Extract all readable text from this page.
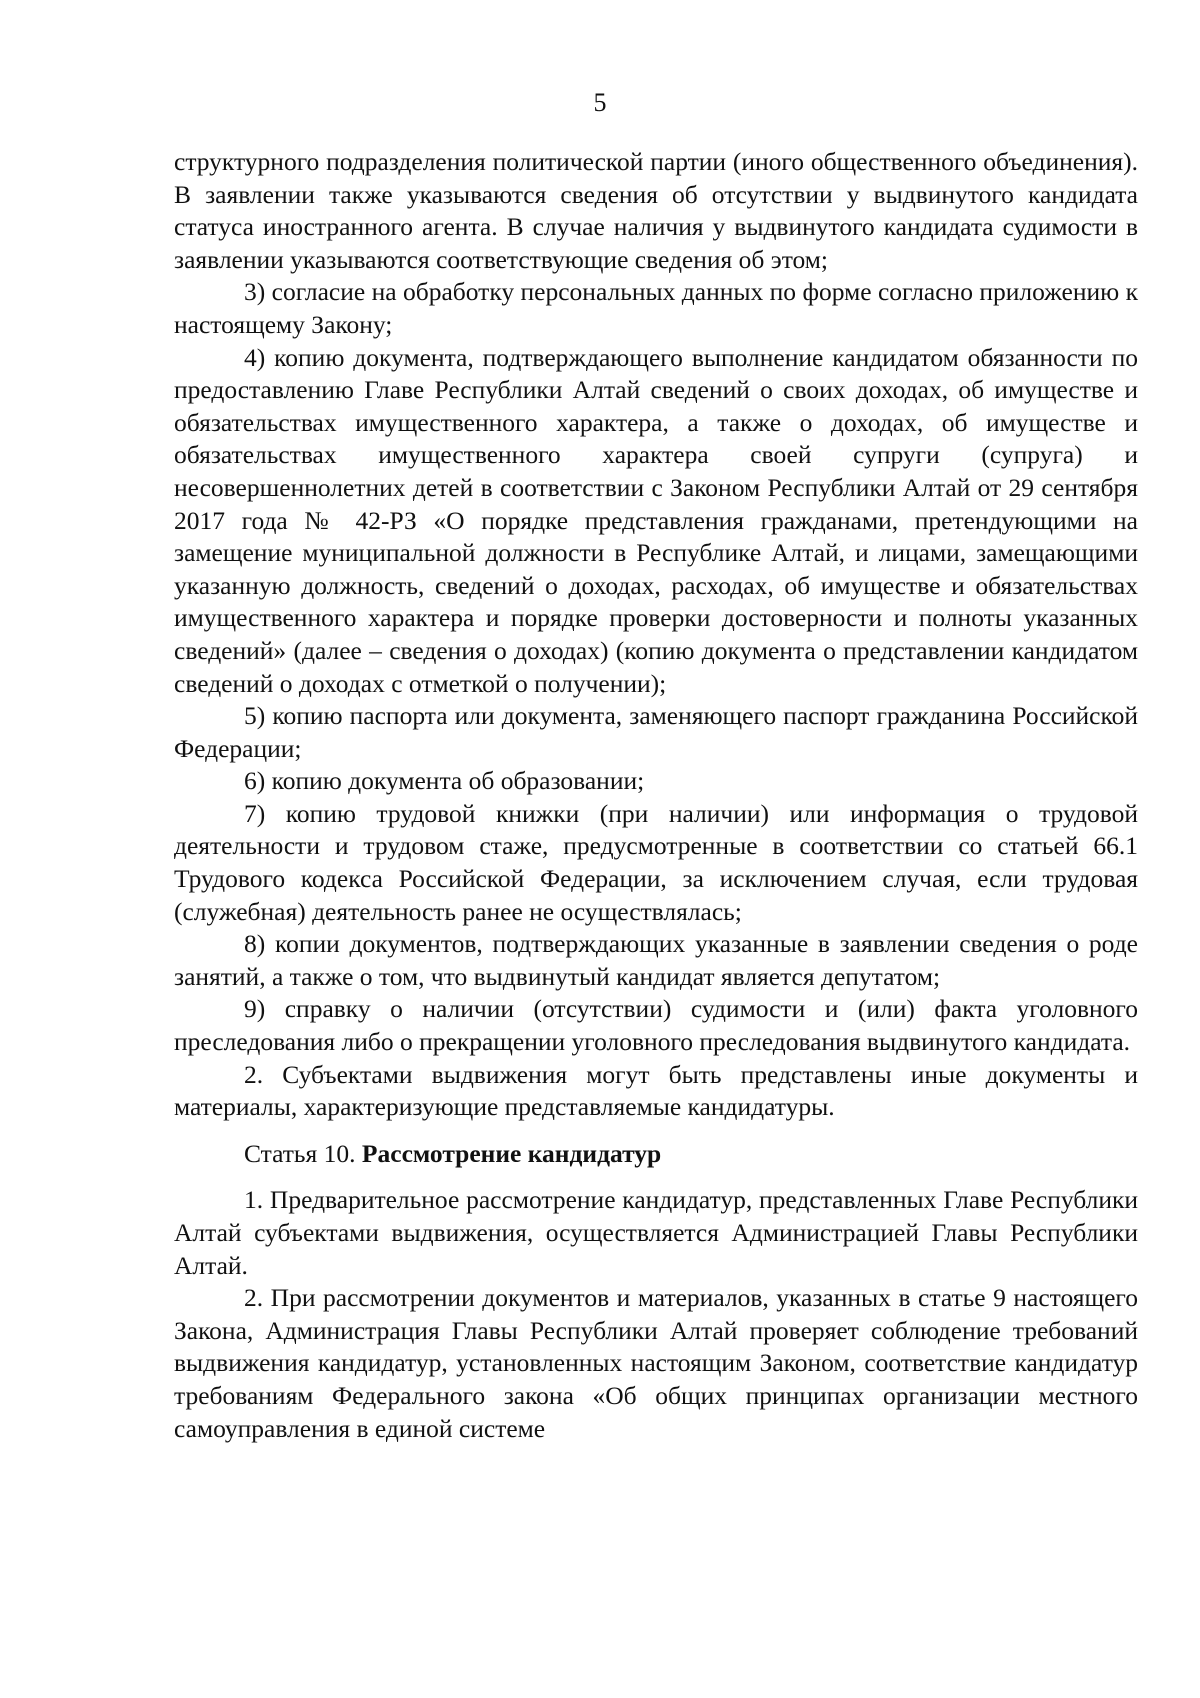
5

структурного подразделения политической партии (иного общественного объединения). В заявлении также указываются сведения об отсутствии у выдвинутого кандидата статуса иностранного агента. В случае наличия у выдвинутого кандидата судимости в заявлении указываются соответствующие сведения об этом;

3) согласие на обработку персональных данных по форме согласно приложению к настоящему Закону;

4) копию документа, подтверждающего выполнение кандидатом обязанности по предоставлению Главе Республики Алтай сведений о своих доходах, об имуществе и обязательствах имущественного характера, а также о доходах, об имуществе и обязательствах имущественного характера своей супруги (супруга) и несовершеннолетних детей в соответствии с Законом Республики Алтай от 29 сентября 2017 года № 42-РЗ «О порядке представления гражданами, претендующими на замещение муниципальной должности в Республике Алтай, и лицами, замещающими указанную должность, сведений о доходах, расходах, об имуществе и обязательствах имущественного характера и порядке проверки достоверности и полноты указанных сведений» (далее – сведения о доходах) (копию документа о представлении кандидатом сведений о доходах с отметкой о получении);

5) копию паспорта или документа, заменяющего паспорт гражданина Российской Федерации;

6) копию документа об образовании;

7) копию трудовой книжки (при наличии) или информация о трудовой деятельности и трудовом стаже, предусмотренные в соответствии со статьей 66.1 Трудового кодекса Российской Федерации, за исключением случая, если трудовая (служебная) деятельность ранее не осуществлялась;

8) копии документов, подтверждающих указанные в заявлении сведения о роде занятий, а также о том, что выдвинутый кандидат является депутатом;

9) справку о наличии (отсутствии) судимости и (или) факта уголовного преследования либо о прекращении уголовного преследования выдвинутого кандидата.

2. Субъектами выдвижения могут быть представлены иные документы и материалы, характеризующие представляемые кандидатуры.

Статья 10. Рассмотрение кандидатур

1. Предварительное рассмотрение кандидатур, представленных Главе Республики Алтай субъектами выдвижения, осуществляется Администрацией Главы Республики Алтай.

2. При рассмотрении документов и материалов, указанных в статье 9 настоящего Закона, Администрация Главы Республики Алтай проверяет соблюдение требований выдвижения кандидатур, установленных настоящим Законом, соответствие кандидатур требованиям Федерального закона «Об общих принципах организации местного самоуправления в единой системе
